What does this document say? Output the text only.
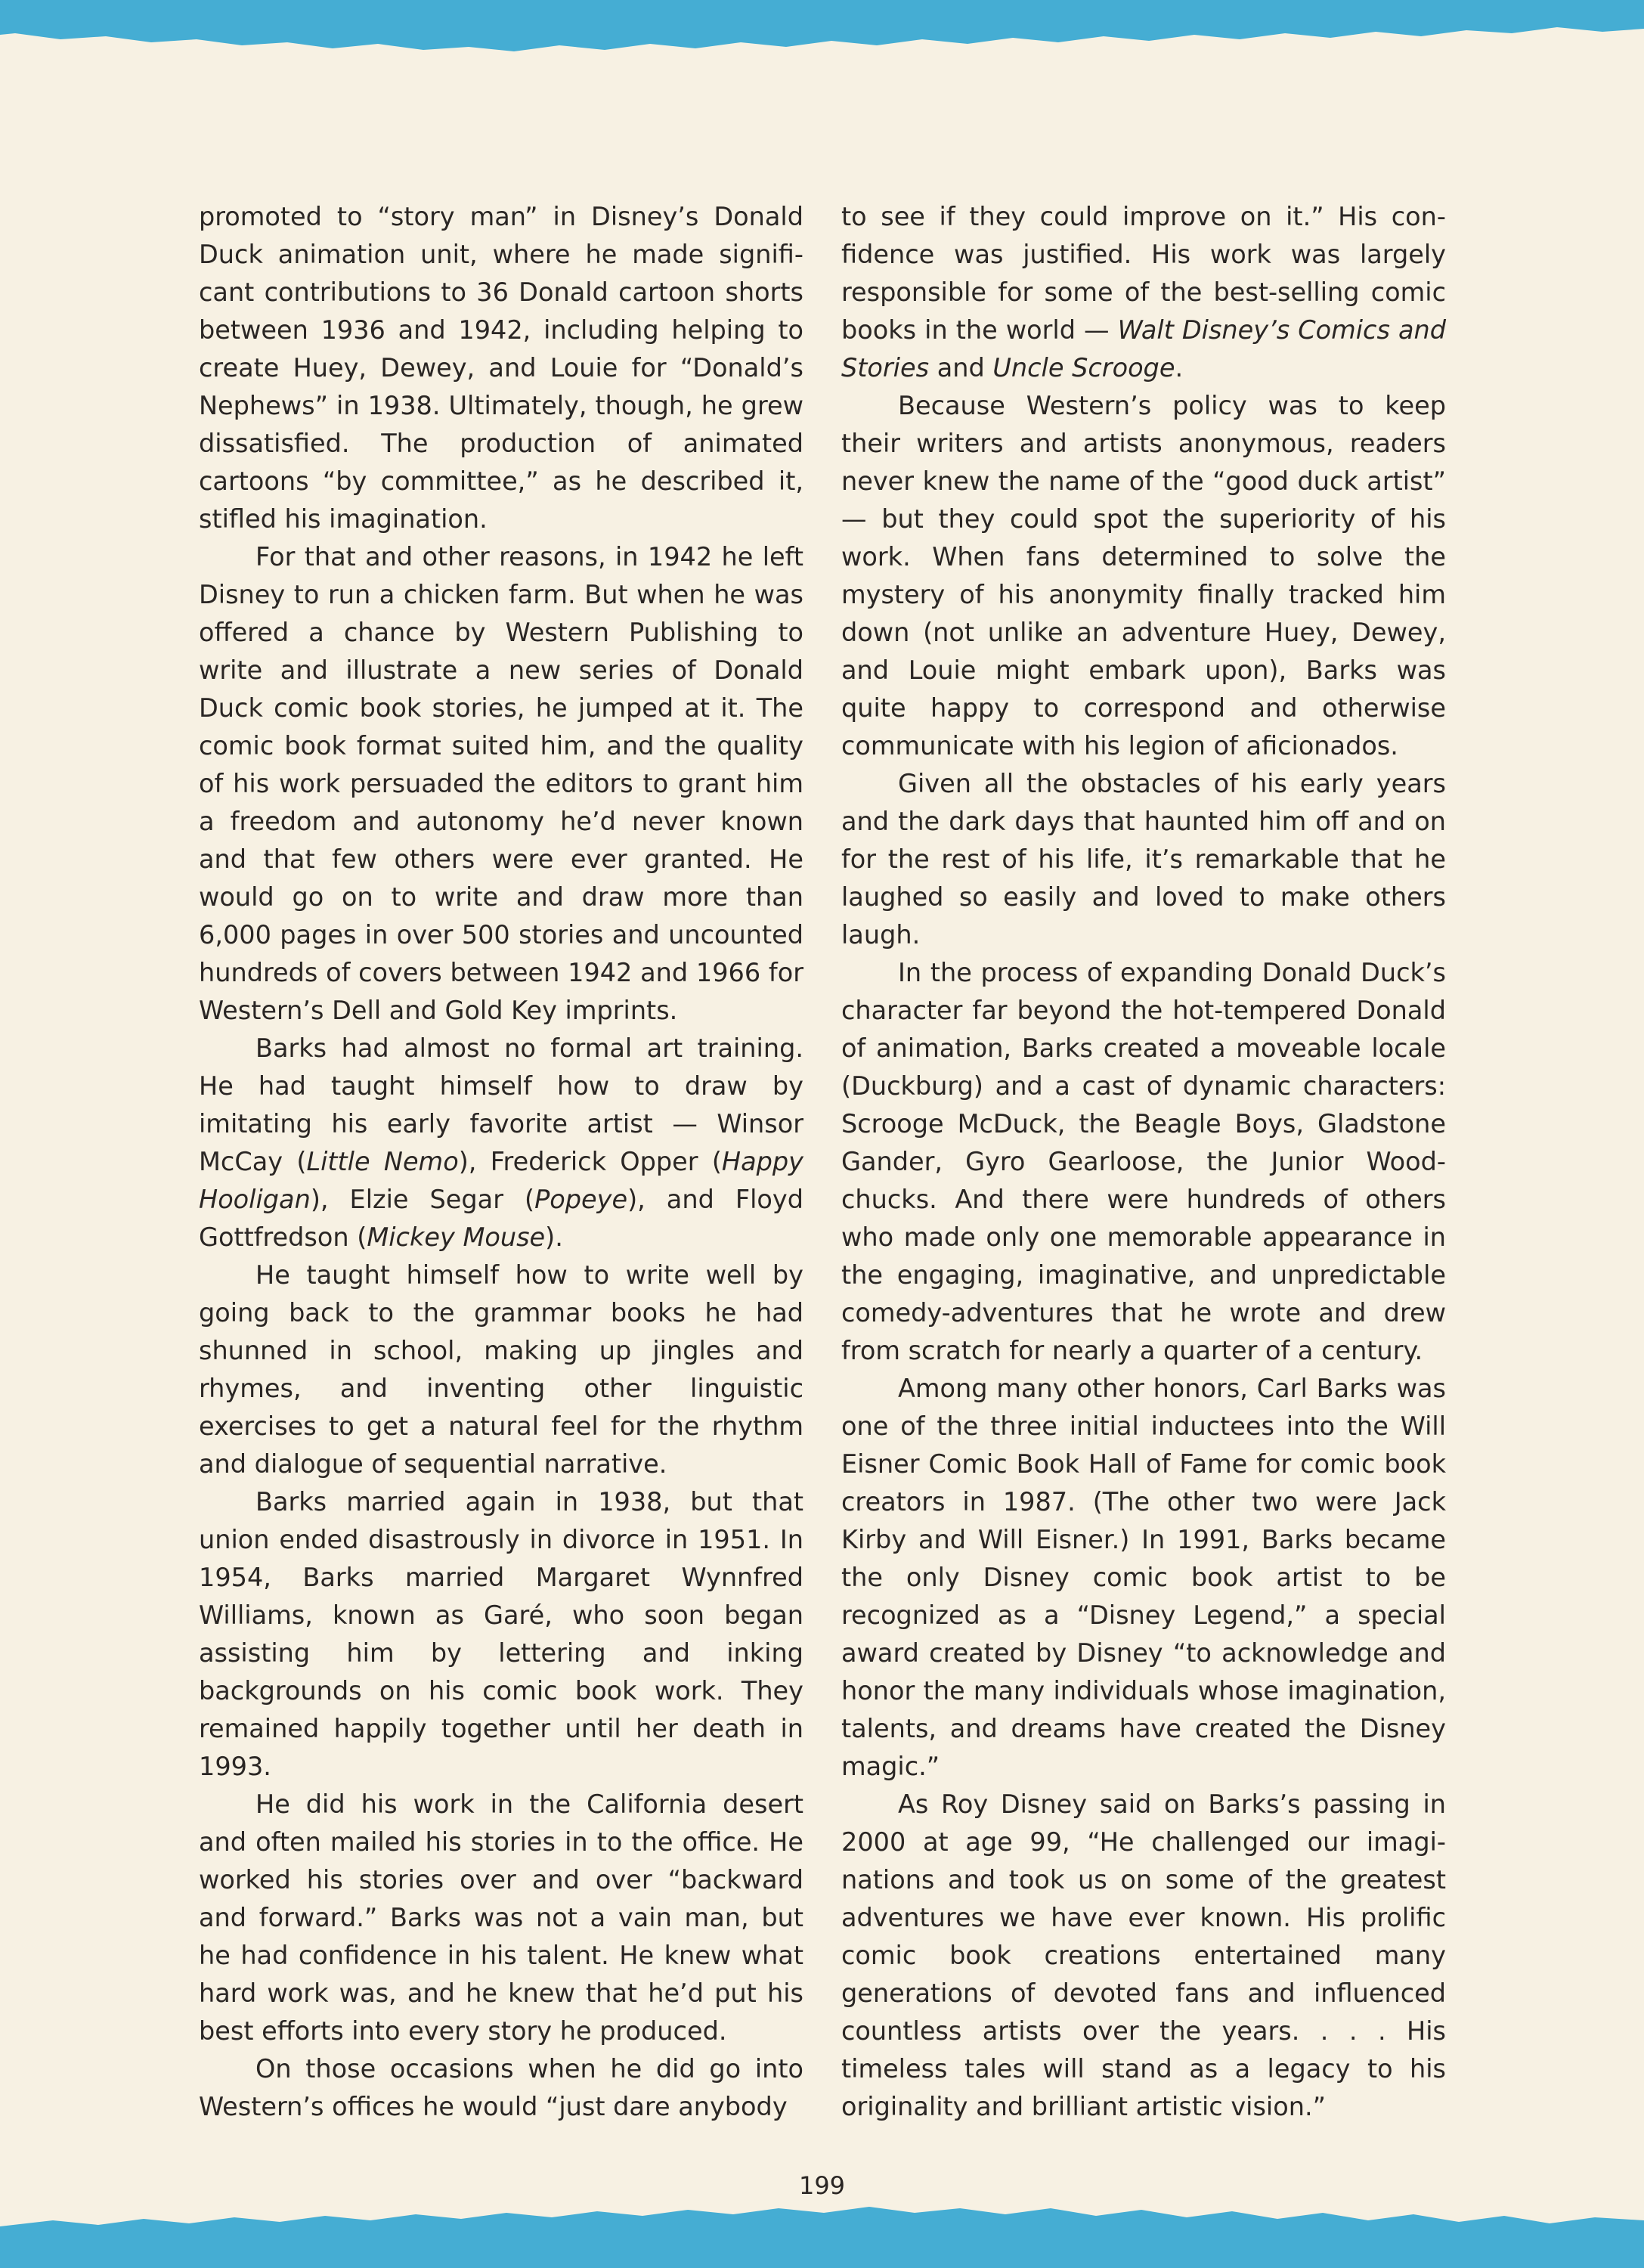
promoted to “story man” in Disney’s Donald Duck animation unit, where he made significant contributions to 36 Donald cartoon shorts between 1936 and 1942, including helping to create Huey, Dewey, and Louie for “Donald’s Nephews” in 1938. Ultimately, though, he grew dissatisfied. The production of animated cartoons “by committee,” as he described it, stifled his imagination.

For that and other reasons, in 1942 he left Disney to run a chicken farm. But when he was offered a chance by Western Publishing to write and illustrate a new series of Donald Duck comic book stories, he jumped at it. The comic book format suited him, and the quality of his work persuaded the editors to grant him a freedom and autonomy he’d never known and that few others were ever granted. He would go on to write and draw more than 6,000 pages in over 500 stories and uncounted hundreds of covers between 1942 and 1966 for Western’s Dell and Gold Key imprints.

Barks had almost no formal art training. He had taught himself how to draw by imitating his early favorite artist — Winsor McCay (Little Nemo), Frederick Opper (Happy Hooligan), Elzie Segar (Popeye), and Floyd Gottfredson (Mickey Mouse).

He taught himself how to write well by going back to the grammar books he had shunned in school, making up jingles and rhymes, and inventing other linguistic exercises to get a natural feel for the rhythm and dialogue of sequential narrative.

Barks married again in 1938, but that union ended disastrously in divorce in 1951. In 1954, Barks married Margaret Wynnfred Williams, known as Garé, who soon began assisting him by lettering and inking backgrounds on his comic book work. They remained happily together until her death in 1993.

He did his work in the California desert and often mailed his stories in to the office. He worked his stories over and over “backward and forward.” Barks was not a vain man, but he had confidence in his talent. He knew what hard work was, and he knew that he’d put his best efforts into every story he produced.

On those occasions when he did go into Western’s offices he would “just dare anybody

to see if they could improve on it.” His confidence was justified. His work was largely responsible for some of the best-selling comic books in the world — Walt Disney’s Comics and Stories and Uncle Scrooge.

Because Western’s policy was to keep their writers and artists anonymous, readers never knew the name of the “good duck artist” — but they could spot the superiority of his work. When fans determined to solve the mystery of his anonymity finally tracked him down (not unlike an adventure Huey, Dewey, and Louie might embark upon), Barks was quite happy to correspond and otherwise communicate with his legion of aficionados.

Given all the obstacles of his early years and the dark days that haunted him off and on for the rest of his life, it’s remarkable that he laughed so easily and loved to make others laugh.

In the process of expanding Donald Duck’s character far beyond the hot-tempered Donald of animation, Barks created a moveable locale (Duckburg) and a cast of dynamic characters: Scrooge McDuck, the Beagle Boys, Gladstone Gander, Gyro Gearloose, the Junior Woodchucks. And there were hundreds of others who made only one memorable appearance in the engaging, imaginative, and unpredictable comedy-adventures that he wrote and drew from scratch for nearly a quarter of a century.

Among many other honors, Carl Barks was one of the three initial inductees into the Will Eisner Comic Book Hall of Fame for comic book creators in 1987. (The other two were Jack Kirby and Will Eisner.) In 1991, Barks became the only Disney comic book artist to be recognized as a “Disney Legend,” a special award created by Disney “to acknowledge and honor the many individuals whose imagination, talents, and dreams have created the Disney magic.”

As Roy Disney said on Barks’s passing in 2000 at age 99, “He challenged our imaginations and took us on some of the greatest adventures we have ever known. His prolific comic book creations entertained many generations of devoted fans and influenced countless artists over the years. . . . His timeless tales will stand as a legacy to his originality and brilliant artistic vision.”

199
